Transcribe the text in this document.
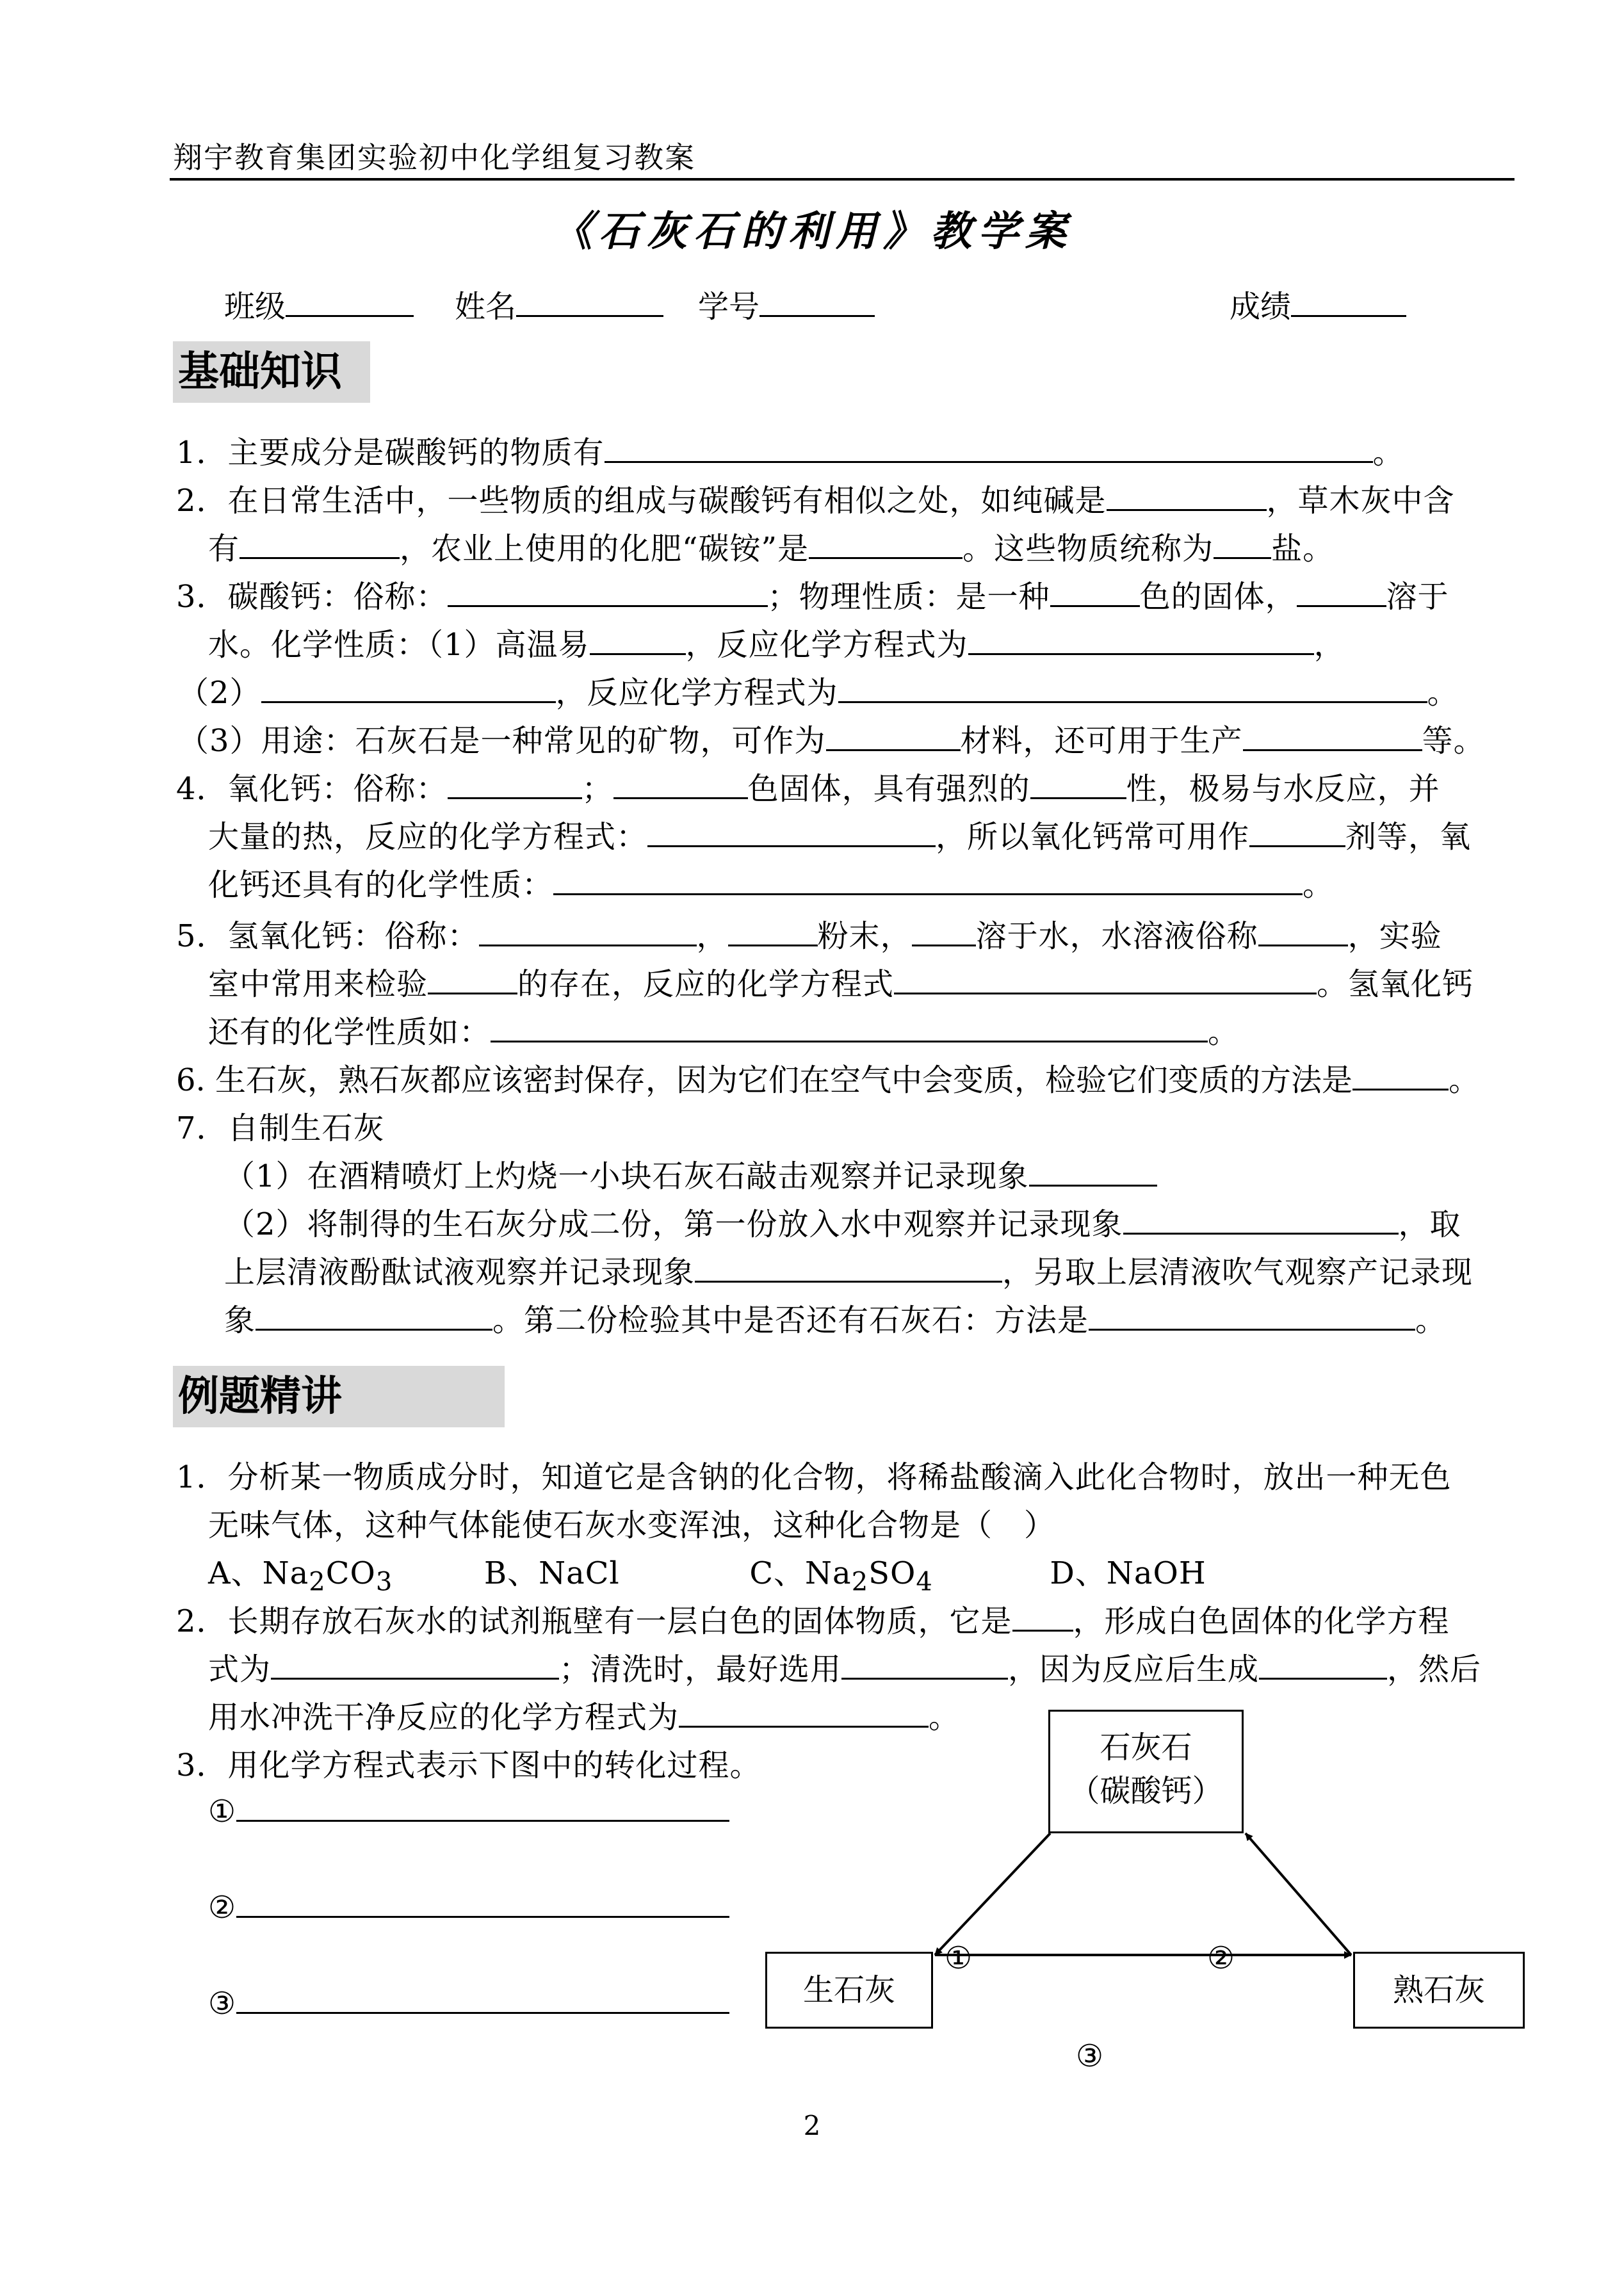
翔宇教育集团实验初中化学组复习教案
《石灰石的利用》教学案
班级	姓名	学号	成绩
基础知识
1．主要成分是碳酸钙的物质有	。
2．在日常生活中，一些物质的组成与碳酸钙有相似之处，如纯碱是	，草木灰中含
有	，农业上使用的化肥“碳铵”是	。这些物质统称为 盐。
3．碳酸钙：俗称：	；物理性质：是一种	色的固体，	溶于
水。化学性质：（1）高温易	，反应化学方程式为	，
（2）	，反应化学方程式为	。
（3）用途：石灰石是一种常见的矿物，可作为	材料，还可用于生产	等。
4．氧化钙：俗称：	；	色固体，具有强烈的	性，极易与水反应，并
大量的热，反应的化学方程式：	，所以氧化钙常可用作	剂等，氧
化钙还具有的化学性质：	。
5．氢氧化钙：俗称：	，	粉末， 溶于水，水溶液俗称	，实验
室中常用来检验	的存在，反应的化学方程式	。氢氧化钙
还有的化学性质如：	。
6. 生石灰，熟石灰都应该密封保存，因为它们在空气中会变质，检验它们变质的方法是	。
7．自制生石灰
（1）在酒精喷灯上灼烧一小块石灰石敲击观察并记录现象
（2）将制得的生石灰分成二份，第一份放入水中观察并记录现象	，取
上层清液酚酞试液观察并记录现象	，另取上层清液吹气观察产记录现
象	。第二份检验其中是否还有石灰石：方法是	。
例题精讲
1．分析某一物质成分时，知道它是含钠的化合物，将稀盐酸滴入此化合物时，放出一种无色
无味气体，这种气体能使石灰水变浑浊，这种化合物是（　）
A、$Na_2CO_3$	B、NaCl	C、$Na_2SO_4$	D、NaOH
2．长期存放石灰水的试剂瓶壁有一层白色的固体物质，它是 ，形成白色固体的化学方程
式为	；清洗时，最好选用	，因为反应后生成	，然后
用水冲洗干净反应的化学方程式为	。
3．用化学方程式表示下图中的转化过程。
①
②
③
石灰石
（碳酸钙）
生石灰	熟石灰
①	②
③
2
